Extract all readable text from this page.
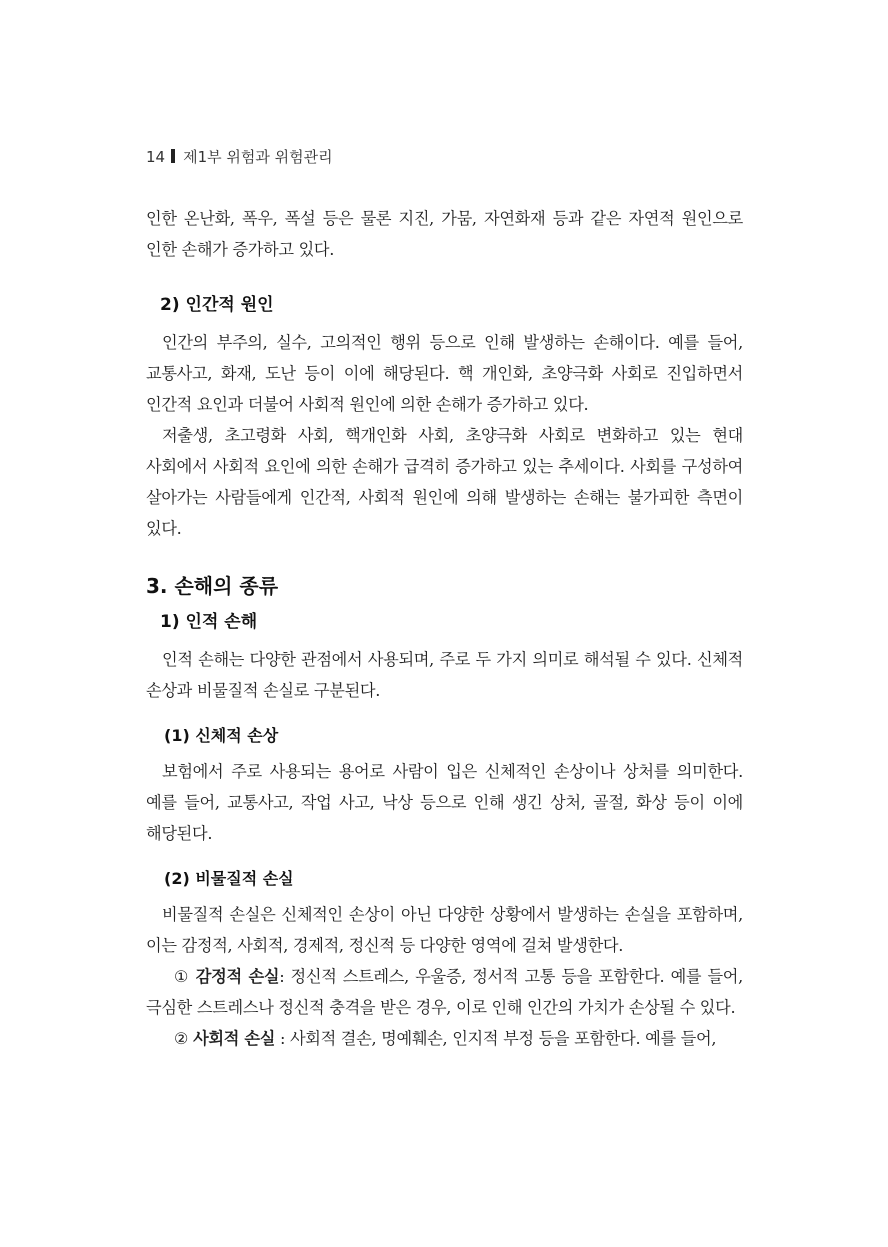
14 제1부 위험과 위험관리

인한 온난화, 폭우, 폭설 등은 물론 지진, 가뭄, 자연화재 등과 같은 자연적 원인으로 인한 손해가 증가하고 있다.

2) 인간적 원인

인간의 부주의, 실수, 고의적인 행위 등으로 인해 발생하는 손해이다. 예를 들어, 교통사고, 화재, 도난 등이 이에 해당된다. 핵 개인화, 초양극화 사회로 진입하면서 인간적 요인과 더불어 사회적 원인에 의한 손해가 증가하고 있다.

저출생, 초고령화 사회, 핵개인화 사회, 초양극화 사회로 변화하고 있는 현대 사회에서 사회적 요인에 의한 손해가 급격히 증가하고 있는 추세이다. 사회를 구성하여 살아가는 사람들에게 인간적, 사회적 원인에 의해 발생하는 손해는 불가피한 측면이 있다.

3. 손해의 종류
1) 인적 손해

인적 손해는 다양한 관점에서 사용되며, 주로 두 가지 의미로 해석될 수 있다. 신체적 손상과 비물질적 손실로 구분된다.

(1) 신체적 손상

보험에서 주로 사용되는 용어로 사람이 입은 신체적인 손상이나 상처를 의미한다. 예를 들어, 교통사고, 작업 사고, 낙상 등으로 인해 생긴 상처, 골절, 화상 등이 이에 해당된다.

(2) 비물질적 손실

비물질적 손실은 신체적인 손상이 아닌 다양한 상황에서 발생하는 손실을 포함하며, 이는 감정적, 사회적, 경제적, 정신적 등 다양한 영역에 걸쳐 발생한다.

① 감정적 손실: 정신적 스트레스, 우울증, 정서적 고통 등을 포함한다. 예를 들어, 극심한 스트레스나 정신적 충격을 받은 경우, 이로 인해 인간의 가치가 손상될 수 있다.

② 사회적 손실 : 사회적 결손, 명예훼손, 인지적 부정 등을 포함한다. 예를 들어,
